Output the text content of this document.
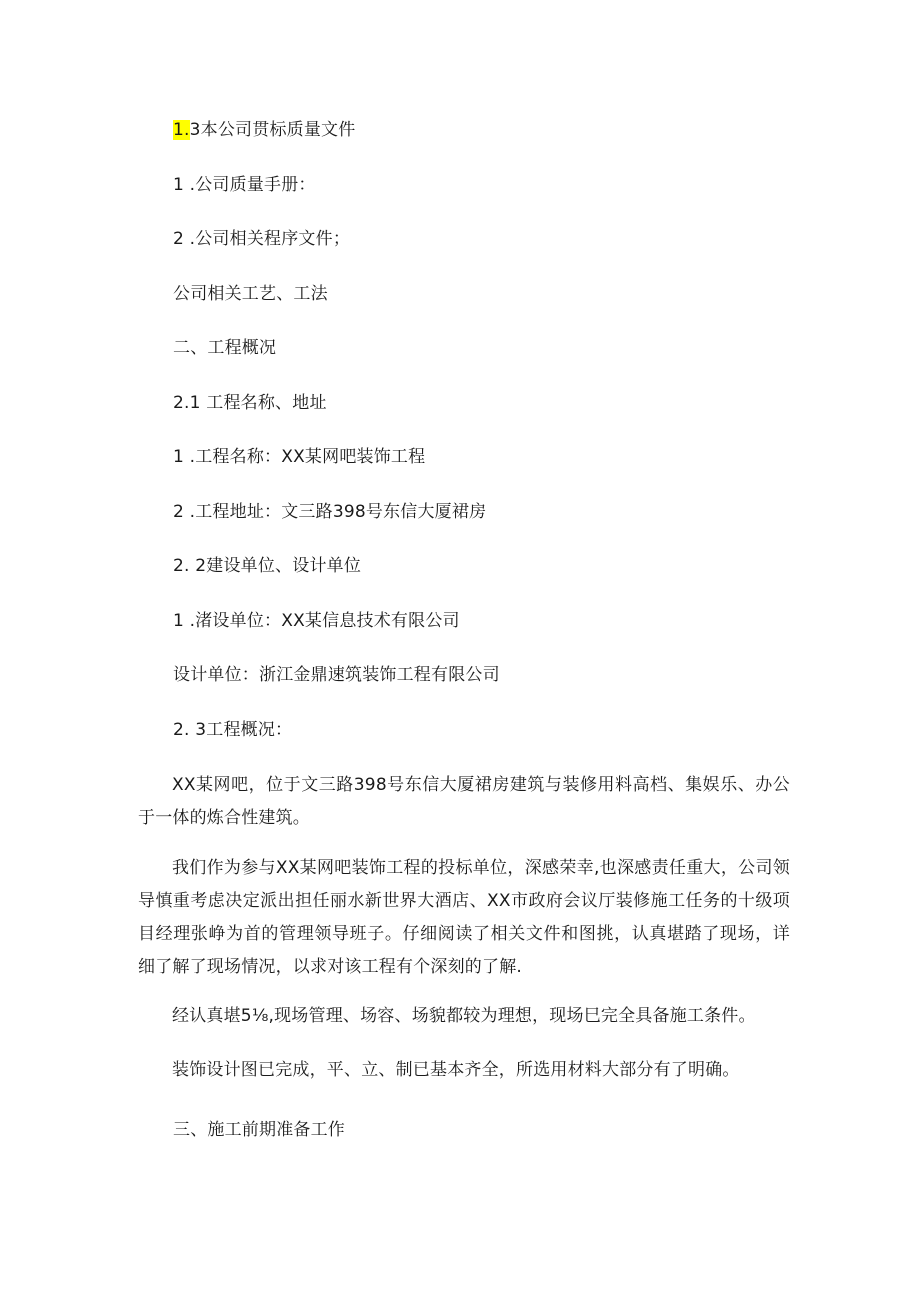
1.3本公司贯标质量文件
1 .公司质量手册：
2 .公司相关程序文件；
公司相关工艺、工法
二、工程概况
2.1 工程名称、地址
1 .工程名称：XX某网吧装饰工程
2 .工程地址：文三路398号东信大厦裙房
2. 2建设单位、设计单位
1 .渚设单位：XX某信息技术有限公司
设计单位：浙江金鼎速筑装饰工程有限公司
2. 3工程概况：
XX某网吧，位于文三路398号东信大厦裙房建筑与装修用料高档、集娱乐、办公于一体的炼合性建筑。
我们作为参与XX某网吧装饰工程的投标单位，深感荣幸,也深感责任重大，公司领导慎重考虑决定派出担任丽水新世界大酒店、XX市政府会议厅装修施工任务的十级项目经理张峥为首的管理领导班子。仔细阅读了相关文件和图挑，认真堪踏了现场，详细了解了现场情况，以求对该工程有个深刻的了解.
经认真堪5⅛,现场管理、场容、场貌都较为理想，现场巳完全具备施工条件。
装饰设计图已完成，平、立、制已基本齐全，所选用材料大部分有了明确。
三、施工前期准备工作
